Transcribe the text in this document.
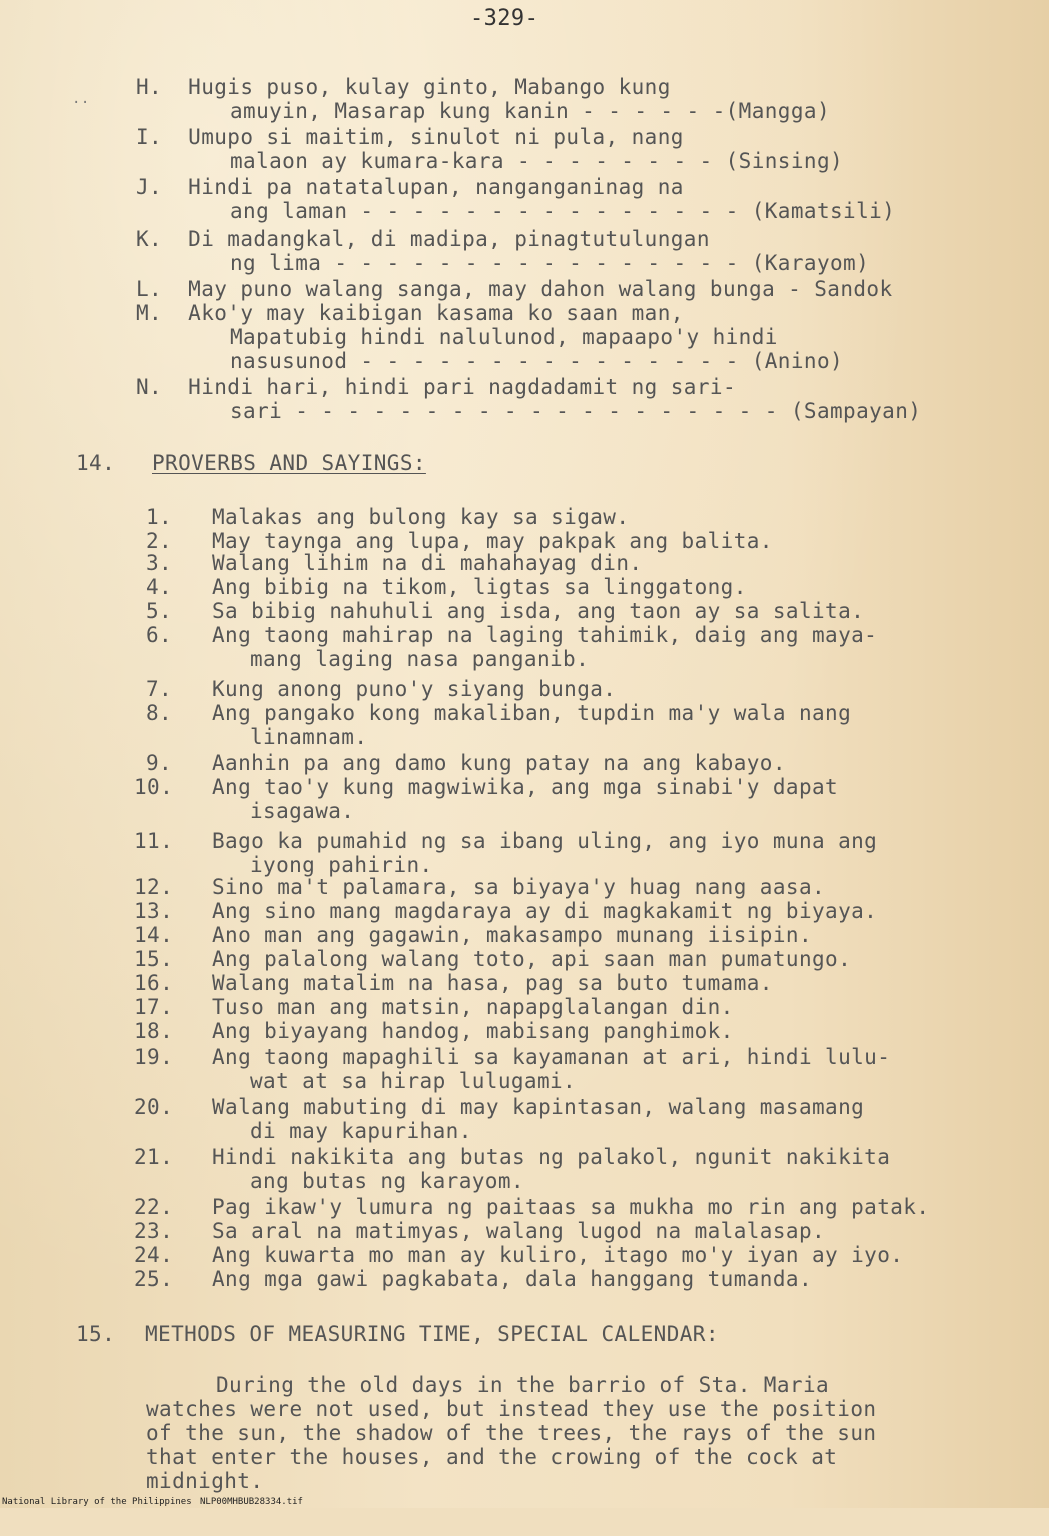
-329-
··
H.  Hugis puso, kulay ginto, Mabango kung
amuyin, Masarap kung kanin - - - - - -(Mangga)
I.  Umupo si maitim, sinulot ni pula, nang
malaon ay kumara-kara - - - - - - - - (Sinsing)
J.  Hindi pa natatalupan, nanganganinag na
ang laman - - - - - - - - - - - - - - - (Kamatsili)
K.  Di madangkal, di madipa, pinagtutulungan
ng lima - - - - - - - - - - - - - - - - (Karayom)
L.  May puno walang sanga, may dahon walang bunga - Sandok
M.  Ako'y may kaibigan kasama ko saan man,
Mapatubig hindi nalulunod, mapaapo'y hindi
nasusunod - - - - - - - - - - - - - - - (Anino)
N.  Hindi hari, hindi pari nagdadamit ng sari-
sari - - - - - - - - - - - - - - - - - - - (Sampayan)
14. PROVERBS AND SAYINGS:
1. Malakas ang bulong kay sa sigaw.
2. May taynga ang lupa, may pakpak ang balita.
3. Walang lihim na di mahahayag din.
4. Ang bibig na tikom, ligtas sa linggatong.
5. Sa bibig nahuhuli ang isda, ang taon ay sa salita.
6. Ang taong mahirap na laging tahimik, daig ang maya-
mang laging nasa panganib.
7. Kung anong puno'y siyang bunga.
8. Ang pangako kong makaliban, tupdin ma'y wala nang
linamnam.
9. Aanhin pa ang damo kung patay na ang kabayo.
10. Ang tao'y kung magwiwika, ang mga sinabi'y dapat
isagawa.
11. Bago ka pumahid ng sa ibang uling, ang iyo muna ang
iyong pahirin.
12. Sino ma't palamara, sa biyaya'y huag nang aasa.
13. Ang sino mang magdaraya ay di magkakamit ng biyaya.
14. Ano man ang gagawin, makasampo munang iisipin.
15. Ang palalong walang toto, api saan man pumatungo.
16. Walang matalim na hasa, pag sa buto tumama.
17. Tuso man ang matsin, napapglalangan din.
18. Ang biyayang handog, mabisang panghimok.
19. Ang taong mapaghili sa kayamanan at ari, hindi lulu-
wat at sa hirap lulugami.
20. Walang mabuting di may kapintasan, walang masamang
di may kapurihan.
21. Hindi nakikita ang butas ng palakol, ngunit nakikita
ang butas ng karayom.
22. Pag ikaw'y lumura ng paitaas sa mukha mo rin ang patak.
23. Sa aral na matimyas, walang lugod na malalasap.
24. Ang kuwarta mo man ay kuliro, itago mo'y iyan ay iyo.
25. Ang mga gawi pagkabata, dala hanggang tumanda.
15. METHODS OF MEASURING TIME, SPECIAL CALENDAR:
During the old days in the barrio of Sta. Maria
watches were not used, but instead they use the position
of the sun, the shadow of the trees, the rays of the sun
that enter the houses, and the crowing of the cock at
midnight.

National Library of the Philippines

NLP00MHBUB28334.tif
